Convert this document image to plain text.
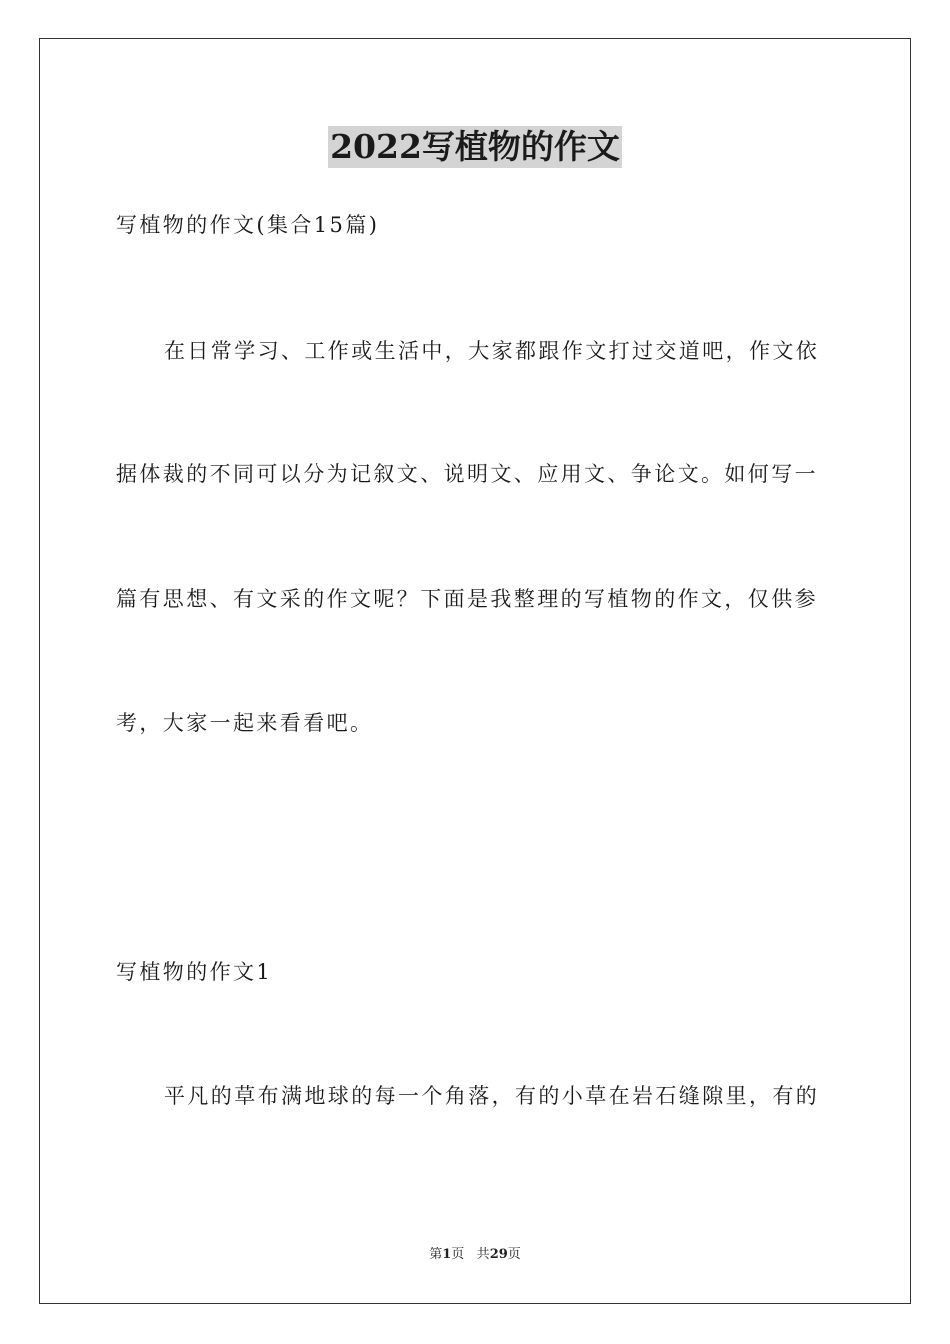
2022写植物的作文
写植物的作文(集合15篇)
在日常学习、工作或生活中，大家都跟作文打过交道吧，作文依
据体裁的不同可以分为记叙文、说明文、应用文、争论文。如何写一
篇有思想、有文采的作文呢？下面是我整理的写植物的作文，仅供参
考，大家一起来看看吧。
写植物的作文1
平凡的草布满地球的每一个角落，有的小草在岩石缝隙里，有的
第1页 共29页
